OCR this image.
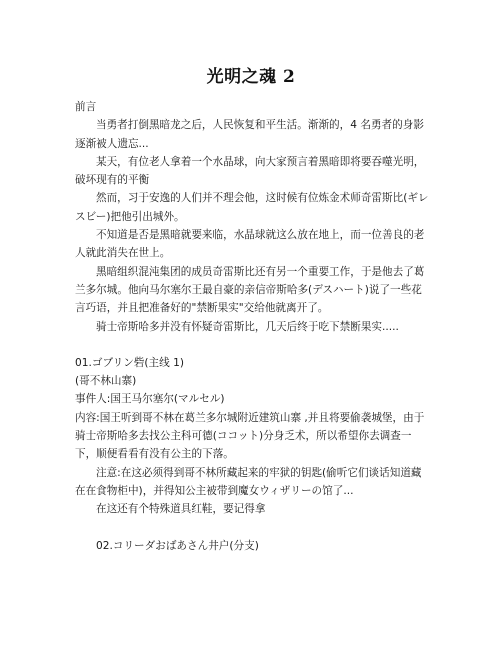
光明之魂 2

前言

当勇者打倒黑暗龙之后，人民恢复和平生活。渐渐的，4 名勇者的身影逐渐被人遗忘...

某天，有位老人拿着一个水晶球，向大家预言着黑暗即将要吞噬光明，破坏现有的平衡

然而，习于安逸的人们并不理会他，这时候有位炼金术师奇雷斯比(ギレスビー)把他引出城外。

不知道是否是黑暗就要来临，水晶球就这么放在地上，而一位善良的老人就此消失在世上。

黑暗组织混沌集团的成员奇雷斯比还有另一个重要工作，于是他去了葛兰多尔城。他向马尔塞尔王最自豪的亲信帝斯哈多(デスハート)说了一些花言巧语，并且把准备好的"禁断果实"交给他就离开了。

骑士帝斯哈多并没有怀疑奇雷斯比，几天后终于吃下禁断果实.....

01.ゴブリン砦(主线 1)

(哥不林山寨)

事件人:国王马尔塞尔(マルセル)

内容:国王听到哥不林在葛兰多尔城附近建筑山寨 ,并且将要偷袭城堡，由于骑士帝斯哈多去找公主科可德(ココット)分身乏术，所以希望你去调查一下，顺便看看有没有公主的下落。

注意:在这必须得到哥不林所藏起来的牢狱的钥匙(偷听它们谈话知道藏在在食物柜中)，并得知公主被带到魔女ウィザリーの馆了...

在这还有个特殊道具红鞋，要记得拿

02.コリーダおばあさん井户(分支)
